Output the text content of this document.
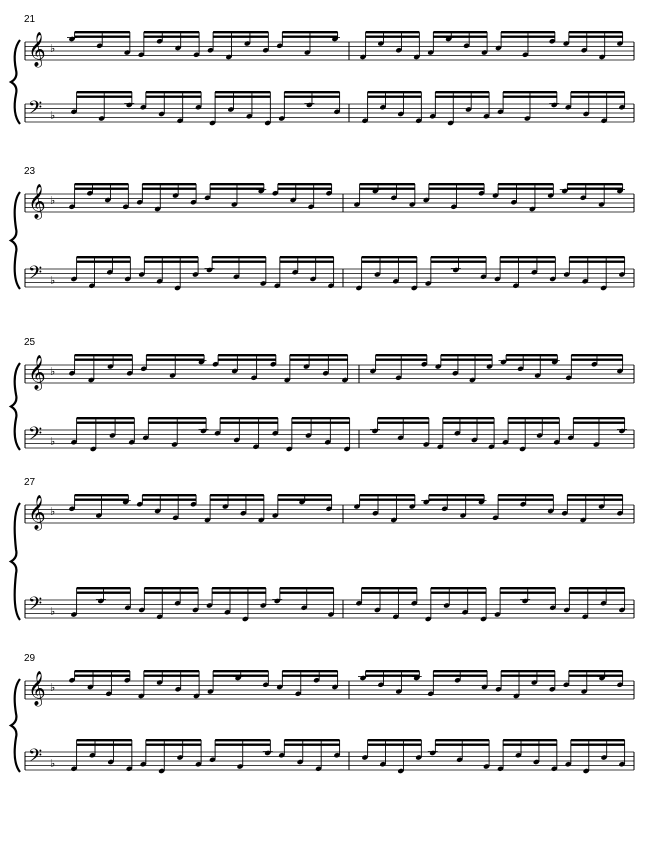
21
𝄞
𝄢
♭
♭
23
𝄞
𝄢
♭
♭
25
𝄞
𝄢
♭
♭
27
𝄞
𝄢
♭
♭
29
𝄞
𝄢
♭
♭
